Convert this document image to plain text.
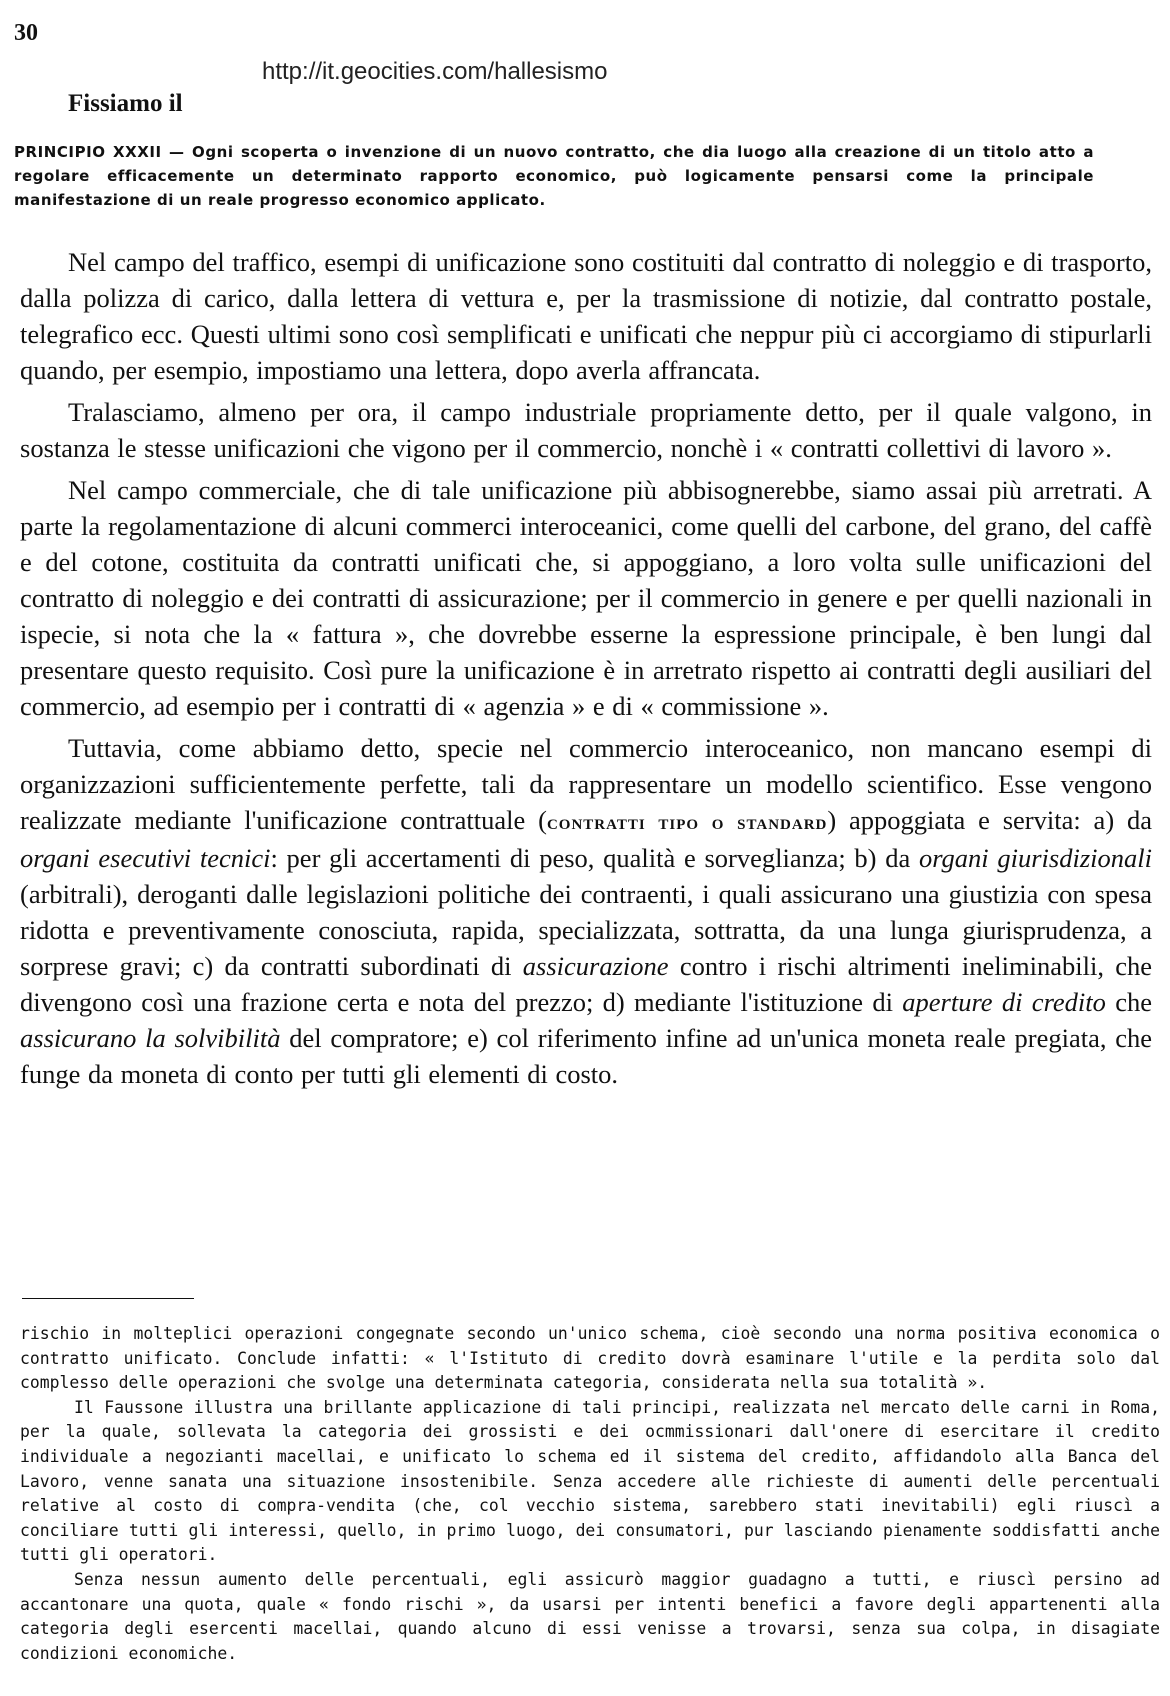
30
http://it.geocities.com/hallesismo
Fissiamo il
PRINCIPIO XXXII — Ogni scoperta o invenzione di un nuovo contratto, che dia luogo alla creazione di un titolo atto a regolare efficacemente un determinato rapporto economico, può logicamente pensarsi come la principale manifestazione di un reale progresso economico applicato.

Nel campo del traffico, esempi di unificazione sono costituiti dal contratto di noleggio e di trasporto, dalla polizza di carico, dalla lettera di vettura e, per la trasmissione di notizie, dal contratto postale, telegrafico ecc. Questi ultimi sono così semplificati e unificati che neppur più ci accorgiamo di stipurlarli quando, per esempio, impostiamo una lettera, dopo averla affrancata.

Tralasciamo, almeno per ora, il campo industriale propriamente detto, per il quale valgono, in sostanza le stesse unificazioni che vigono per il commercio, nonchè i « contratti collettivi di lavoro ».

Nel campo commerciale, che di tale unificazione più abbisognerebbe, siamo assai più arretrati. A parte la regolamentazione di alcuni commerci interoceanici, come quelli del carbone, del grano, del caffè e del cotone, costituita da contratti unificati che, si appoggiano, a loro volta sulle unificazioni del contratto di noleggio e dei contratti di assicurazione; per il commercio in genere e per quelli nazionali in ispecie, si nota che la « fattura », che dovrebbe esserne la espressione principale, è ben lungi dal presentare questo requisito. Così pure la unificazione è in arretrato rispetto ai contratti degli ausiliari del commercio, ad esempio per i contratti di « agenzia » e di « commissione ».

Tuttavia, come abbiamo detto, specie nel commercio interoceanico, non mancano esempi di organizzazioni sufficientemente perfette, tali da rappresentare un modello scientifico. Esse vengono realizzate mediante l'unificazione contrattuale (contratti tipo o standard) appoggiata e servita: a) da organi esecutivi tecnici: per gli accertamenti di peso, qualità e sorveglianza; b) da organi giurisdizionali (arbitrali), deroganti dalle legislazioni politiche dei contraenti, i quali assicurano una giustizia con spesa ridotta e preventivamente conosciuta, rapida, specializzata, sottratta, da una lunga giurisprudenza, a sorprese gravi; c) da contratti subordinati di assicurazione contro i rischi altrimenti ineliminabili, che divengono così una frazione certa e nota del prezzo; d) mediante l'istituzione di aperture di credito che assicurano la solvibilità del compratore; e) col riferimento infine ad un'unica moneta reale pregiata, che funge da moneta di conto per tutti gli elementi di costo.

rischio in molteplici operazioni congegnate secondo un'unico schema, cioè secondo una norma positiva economica o contratto unificato. Conclude infatti: « l'Istituto di credito dovrà esaminare l'utile e la perdita solo dal complesso delle operazioni che svolge una determinata categoria, considerata nella sua totalità ».

Il Faussone illustra una brillante applicazione di tali principi, realizzata nel mercato delle carni in Roma, per la quale, sollevata la categoria dei grossisti e dei ocmmissionari dall'onere di esercitare il credito individuale a negozianti macellai, e unificato lo schema ed il sistema del credito, affidandolo alla Banca del Lavoro, venne sanata una situazione insostenibile. Senza accedere alle richieste di aumenti delle percentuali relative al costo di compra-vendita (che, col vecchio sistema, sarebbero stati inevitabili) egli riuscì a conciliare tutti gli interessi, quello, in primo luogo, dei consumatori, pur lasciando pienamente soddisfatti anche tutti gli operatori.

Senza nessun aumento delle percentuali, egli assicurò maggior guadagno a tutti, e riuscì persino ad accantonare una quota, quale « fondo rischi », da usarsi per intenti benefici a favore degli appartenenti alla categoria degli esercenti macellai, quando alcuno di essi venisse a trovarsi, senza sua colpa, in disagiate condizioni economiche.
